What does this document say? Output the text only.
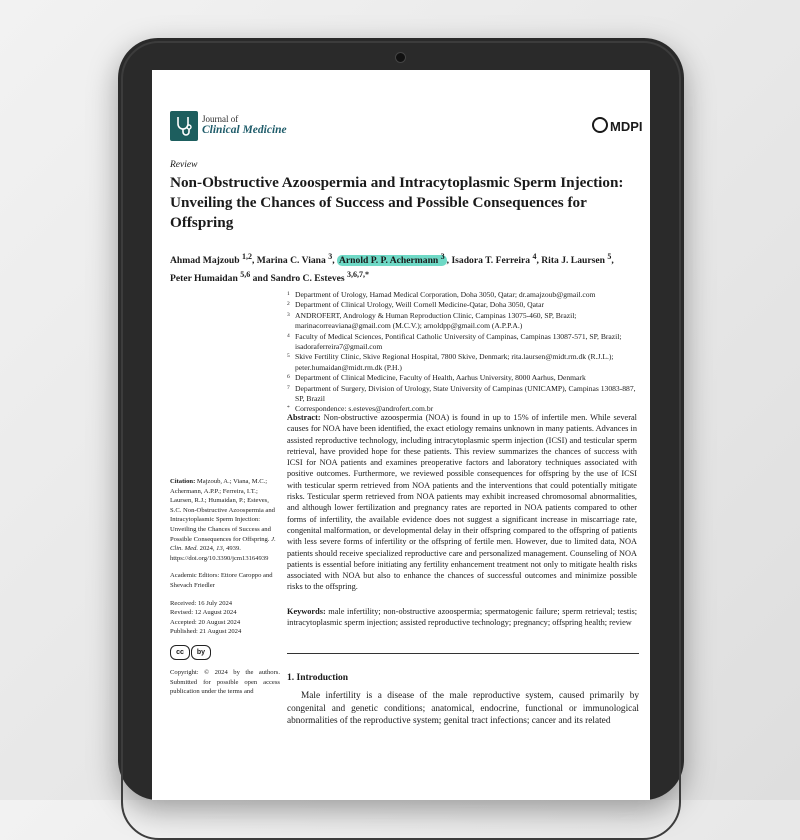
Journal of
Clinical Medicine	MDPI
Review
Non-Obstructive Azoospermia and Intracytoplasmic Sperm Injection: Unveiling the Chances of Success and Possible Consequences for Offspring
Ahmad Majzoub $^{1,2}$, Marina C. Viana $^3$, Arnold P. P. Achermann $^3$ , Isadora T. Ferreira $^4$, Rita J. Laursen $^5$,
Peter Humaidan $^{5,6}$ and Sandro C. Esteves $^{3,6,7,*}$
1 Department of Urology, Hamad Medical Corporation, Doha 3050, Qatar; dr.amajzoub@gmail.com
2 Department of Clinical Urology, Weill Cornell Medicine-Qatar, Doha 3050, Qatar
3 ANDROFERT, Andrology & Human Reproduction Clinic, Campinas 13075-460, SP, Brazil; marinacorreaviana@gmail.com (M.C.V.); arnoldpp@gmail.com (A.P.P.A.)
4 Faculty of Medical Sciences, Pontifical Catholic University of Campinas, Campinas 13087-571, SP, Brazil; isadoraferreira7@gmail.com
5 Skive Fertility Clinic, Skive Regional Hospital, 7800 Skive, Denmark; rita.laursen@midt.rm.dk (R.J.L.); peter.humaidan@midt.rm.dk (P.H.)
6 Department of Clinical Medicine, Faculty of Health, Aarhus University, 8000 Aarhus, Denmark
7 Department of Surgery, Division of Urology, State University of Campinas (UNICAMP), Campinas 13083-887, SP, Brazil
* Correspondence: s.esteves@androfert.com.br
Abstract: Non-obstructive azoospermia (NOA) is found in up to 15% of infertile men. While several causes for NOA have been identified, the exact etiology remains unknown in many patients. Advances in assisted reproductive technology, including intracytoplasmic sperm injection (ICSI) and testicular sperm retrieval, have provided hope for these patients. This review summarizes the chances of success with ICSI for NOA patients and examines preoperative factors and laboratory techniques associated with positive outcomes. Furthermore, we reviewed possible consequences for offspring by the use of ICSI with testicular sperm retrieved from NOA patients and the interventions that could potentially mitigate risks. Testicular sperm retrieved from NOA patients may exhibit increased chromosomal abnormalities, and although lower fertilization and pregnancy rates are reported in NOA patients compared to other forms of infertility, the available evidence does not suggest a significant increase in miscarriage rate, congenital malformation, or developmental delay in their offspring compared to the offspring of patients with less severe forms of infertility or the offspring of fertile men. However, due to limited data, NOA patients should receive specialized reproductive care and personalized management. Counseling of NOA patients is essential before initiating any fertility enhancement treatment not only to mitigate health risks associated with NOA but also to enhance the chances of successful outcomes and minimize possible risks to the offspring.
Keywords: male infertility; non-obstructive azoospermia; spermatogenic failure; sperm retrieval; testis; intracytoplasmic sperm injection; assisted reproductive technology; pregnancy; offspring health; review
1. Introduction
Male infertility is a disease of the male reproductive system, caused primarily by congenital and genetic conditions; anatomical, endocrine, functional or immunological abnormalities of the reproductive system; genital tract infections; cancer and its related
Citation: Majzoub, A.; Viana, M.C.; Achermann, A.P.P.; Ferreira, I.T.; Laursen, R.J.; Humaidan, P.; Esteves, S.C. Non-Obstructive Azoospermia and Intracytoplasmic Sperm Injection: Unveiling the Chances of Success and Possible Consequences for Offspring. J. Clin. Med. 2024, 13, 4939. https://doi.org/10.3390/jcm13164939
Academic Editors: Ettore Caroppo and Shevach Friedler
Received: 16 July 2024
Revised: 12 August 2024
Accepted: 20 August 2024
Published: 21 August 2024
cc by
Copyright: © 2024 by the authors. Submitted for possible open access publication under the terms and
